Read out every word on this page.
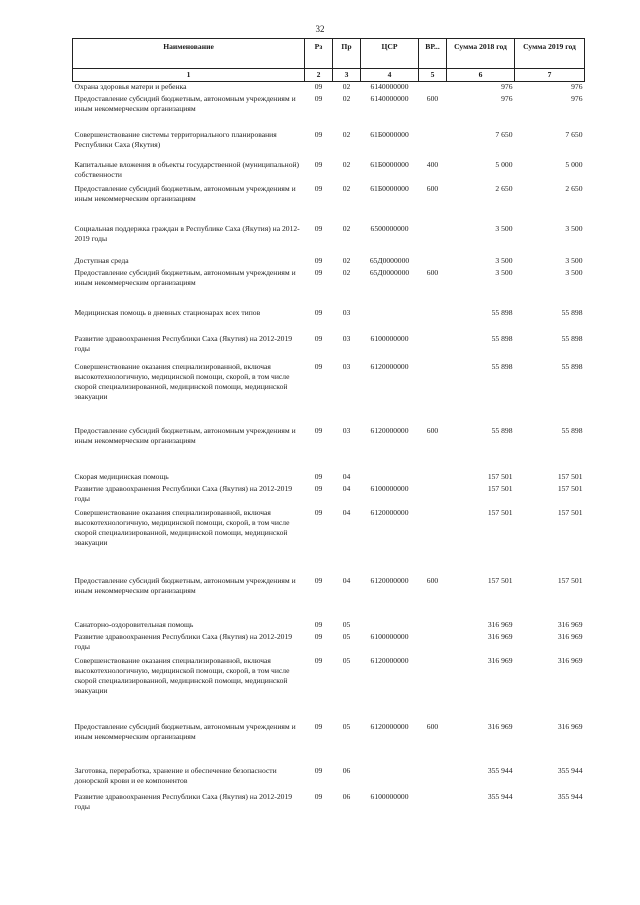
32
Наименование	Рз	Пр	ЦСР	ВР...	Сумма 2018 год	Сумма 2019 год
1	2	3	4	5	6	7
Охрана здоровья матери и ребенка	09	02	6140000000		976	976
Предоставление субсидий бюджетным, автономным учреждениям и иным некоммерческим организациям	09	02	6140000000	600	976	976
Совершенствование системы территориального планирования Республики Саха (Якутия)	09	02	61Б0000000		7 650	7 650
Капитальные вложения в объекты государственной (муниципальной) собственности	09	02	61Б0000000	400	5 000	5 000
Предоставление субсидий бюджетным, автономным учреждениям и иным некоммерческим организациям	09	02	61Б0000000	600	2 650	2 650
Социальная поддержка граждан в Республике Саха (Якутия) на 2012-2019 годы	09	02	6500000000		3 500	3 500
Доступная среда	09	02	65Д0000000		3 500	3 500
Предоставление субсидий бюджетным, автономным учреждениям и иным некоммерческим организациям	09	02	65Д0000000	600	3 500	3 500
Медицинская помощь в дневных стационарах всех типов	09	03			55 898	55 898
Развитие здравоохранения Республики Саха (Якутия) на 2012-2019 годы	09	03	6100000000		55 898	55 898
Совершенствование оказания специализированной, включая высокотехнологичную, медицинской помощи, скорой, в том числе скорой специализированной, медицинской помощи, медицинской эвакуации	09	03	6120000000		55 898	55 898
Предоставление субсидий бюджетным, автономным учреждениям и иным некоммерческим организациям	09	03	6120000000	600	55 898	55 898
Скорая медицинская помощь	09	04			157 501	157 501
Развитие здравоохранения Республики Саха (Якутия) на 2012-2019 годы	09	04	6100000000		157 501	157 501
Совершенствование оказания специализированной, включая высокотехнологичную, медицинской помощи, скорой, в том числе скорой специализированной, медицинской помощи, медицинской эвакуации	09	04	6120000000		157 501	157 501
Предоставление субсидий бюджетным, автономным учреждениям и иным некоммерческим организациям	09	04	6120000000	600	157 501	157 501
Санаторно-оздоровительная помощь	09	05			316 969	316 969
Развитие здравоохранения Республики Саха (Якутия) на 2012-2019 годы	09	05	6100000000		316 969	316 969
Совершенствование оказания специализированной, включая высокотехнологичную, медицинской помощи, скорой, в том числе скорой специализированной, медицинской помощи, медицинской эвакуации	09	05	6120000000		316 969	316 969
Предоставление субсидий бюджетным, автономным учреждениям и иным некоммерческим организациям	09	05	6120000000	600	316 969	316 969
Заготовка, переработка, хранение и обеспечение безопасности донорской крови и ее компонентов	09	06			355 944	355 944
Развитие здравоохранения Республики Саха (Якутия) на 2012-2019 годы	09	06	6100000000		355 944	355 944
